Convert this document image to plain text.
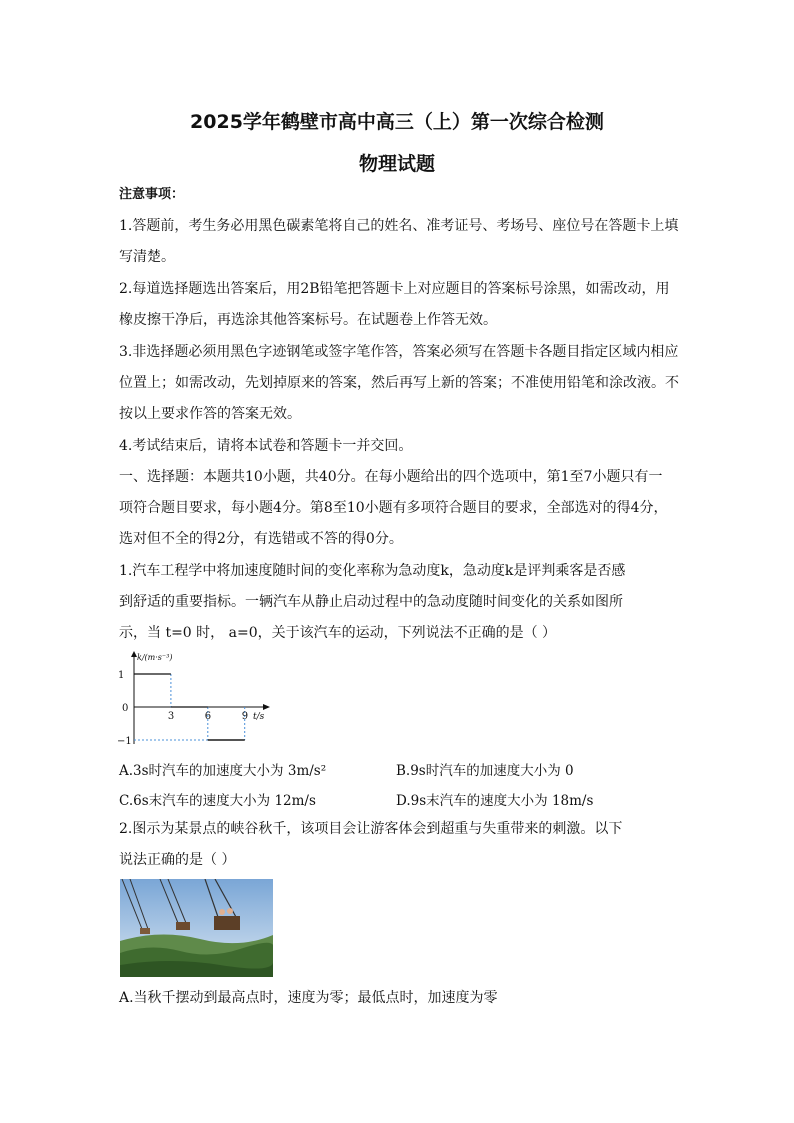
2025学年鹤壁市高中高三（上）第一次综合检测
物理试题
注意事项：
1.答题前，考生务必用黑色碳素笔将自己的姓名、准考证号、考场号、座位号在答题卡上填
写清楚。
2.每道选择题选出答案后，用2B铅笔把答题卡上对应题目的答案标号涂黑，如需改动，用
橡皮擦干净后，再选涂其他答案标号。在试题卷上作答无效。
3.非选择题必须用黑色字迹钢笔或签字笔作答，答案必须写在答题卡各题目指定区域内相应
位置上；如需改动，先划掉原来的答案，然后再写上新的答案；不准使用铅笔和涂改液。不
按以上要求作答的答案无效。
4.考试结束后，请将本试卷和答题卡一并交回。
一、选择题：本题共10小题，共40分。在每小题给出的四个选项中，第1至7小题只有一
项符合题目要求，每小题4分。第8至10小题有多项符合题目的要求，全部选对的得4分，
选对但不全的得2分，有选错或不答的得0分。
1.汽车工程学中将加速度随时间的变化率称为急动度k，急动度k是评判乘客是否感
到舒适的重要指标。一辆汽车从静止启动过程中的急动度随时间变化的关系如图所
示，当 t=0 时， a=0，关于该汽车的运动，下列说法不正确的是（ ）
1
0
−1
3	6	9
k/(m·s⁻³)
t/s
A.3s时汽车的加速度大小为 3m/s²	B.9s时汽车的加速度大小为 0
C.6s末汽车的速度大小为 12m/s	D.9s末汽车的速度大小为 18m/s
2.图示为某景点的峡谷秋千，该项目会让游客体会到超重与失重带来的刺激。以下
说法正确的是（ ）
A.当秋千摆动到最高点时，速度为零；最低点时，加速度为零
